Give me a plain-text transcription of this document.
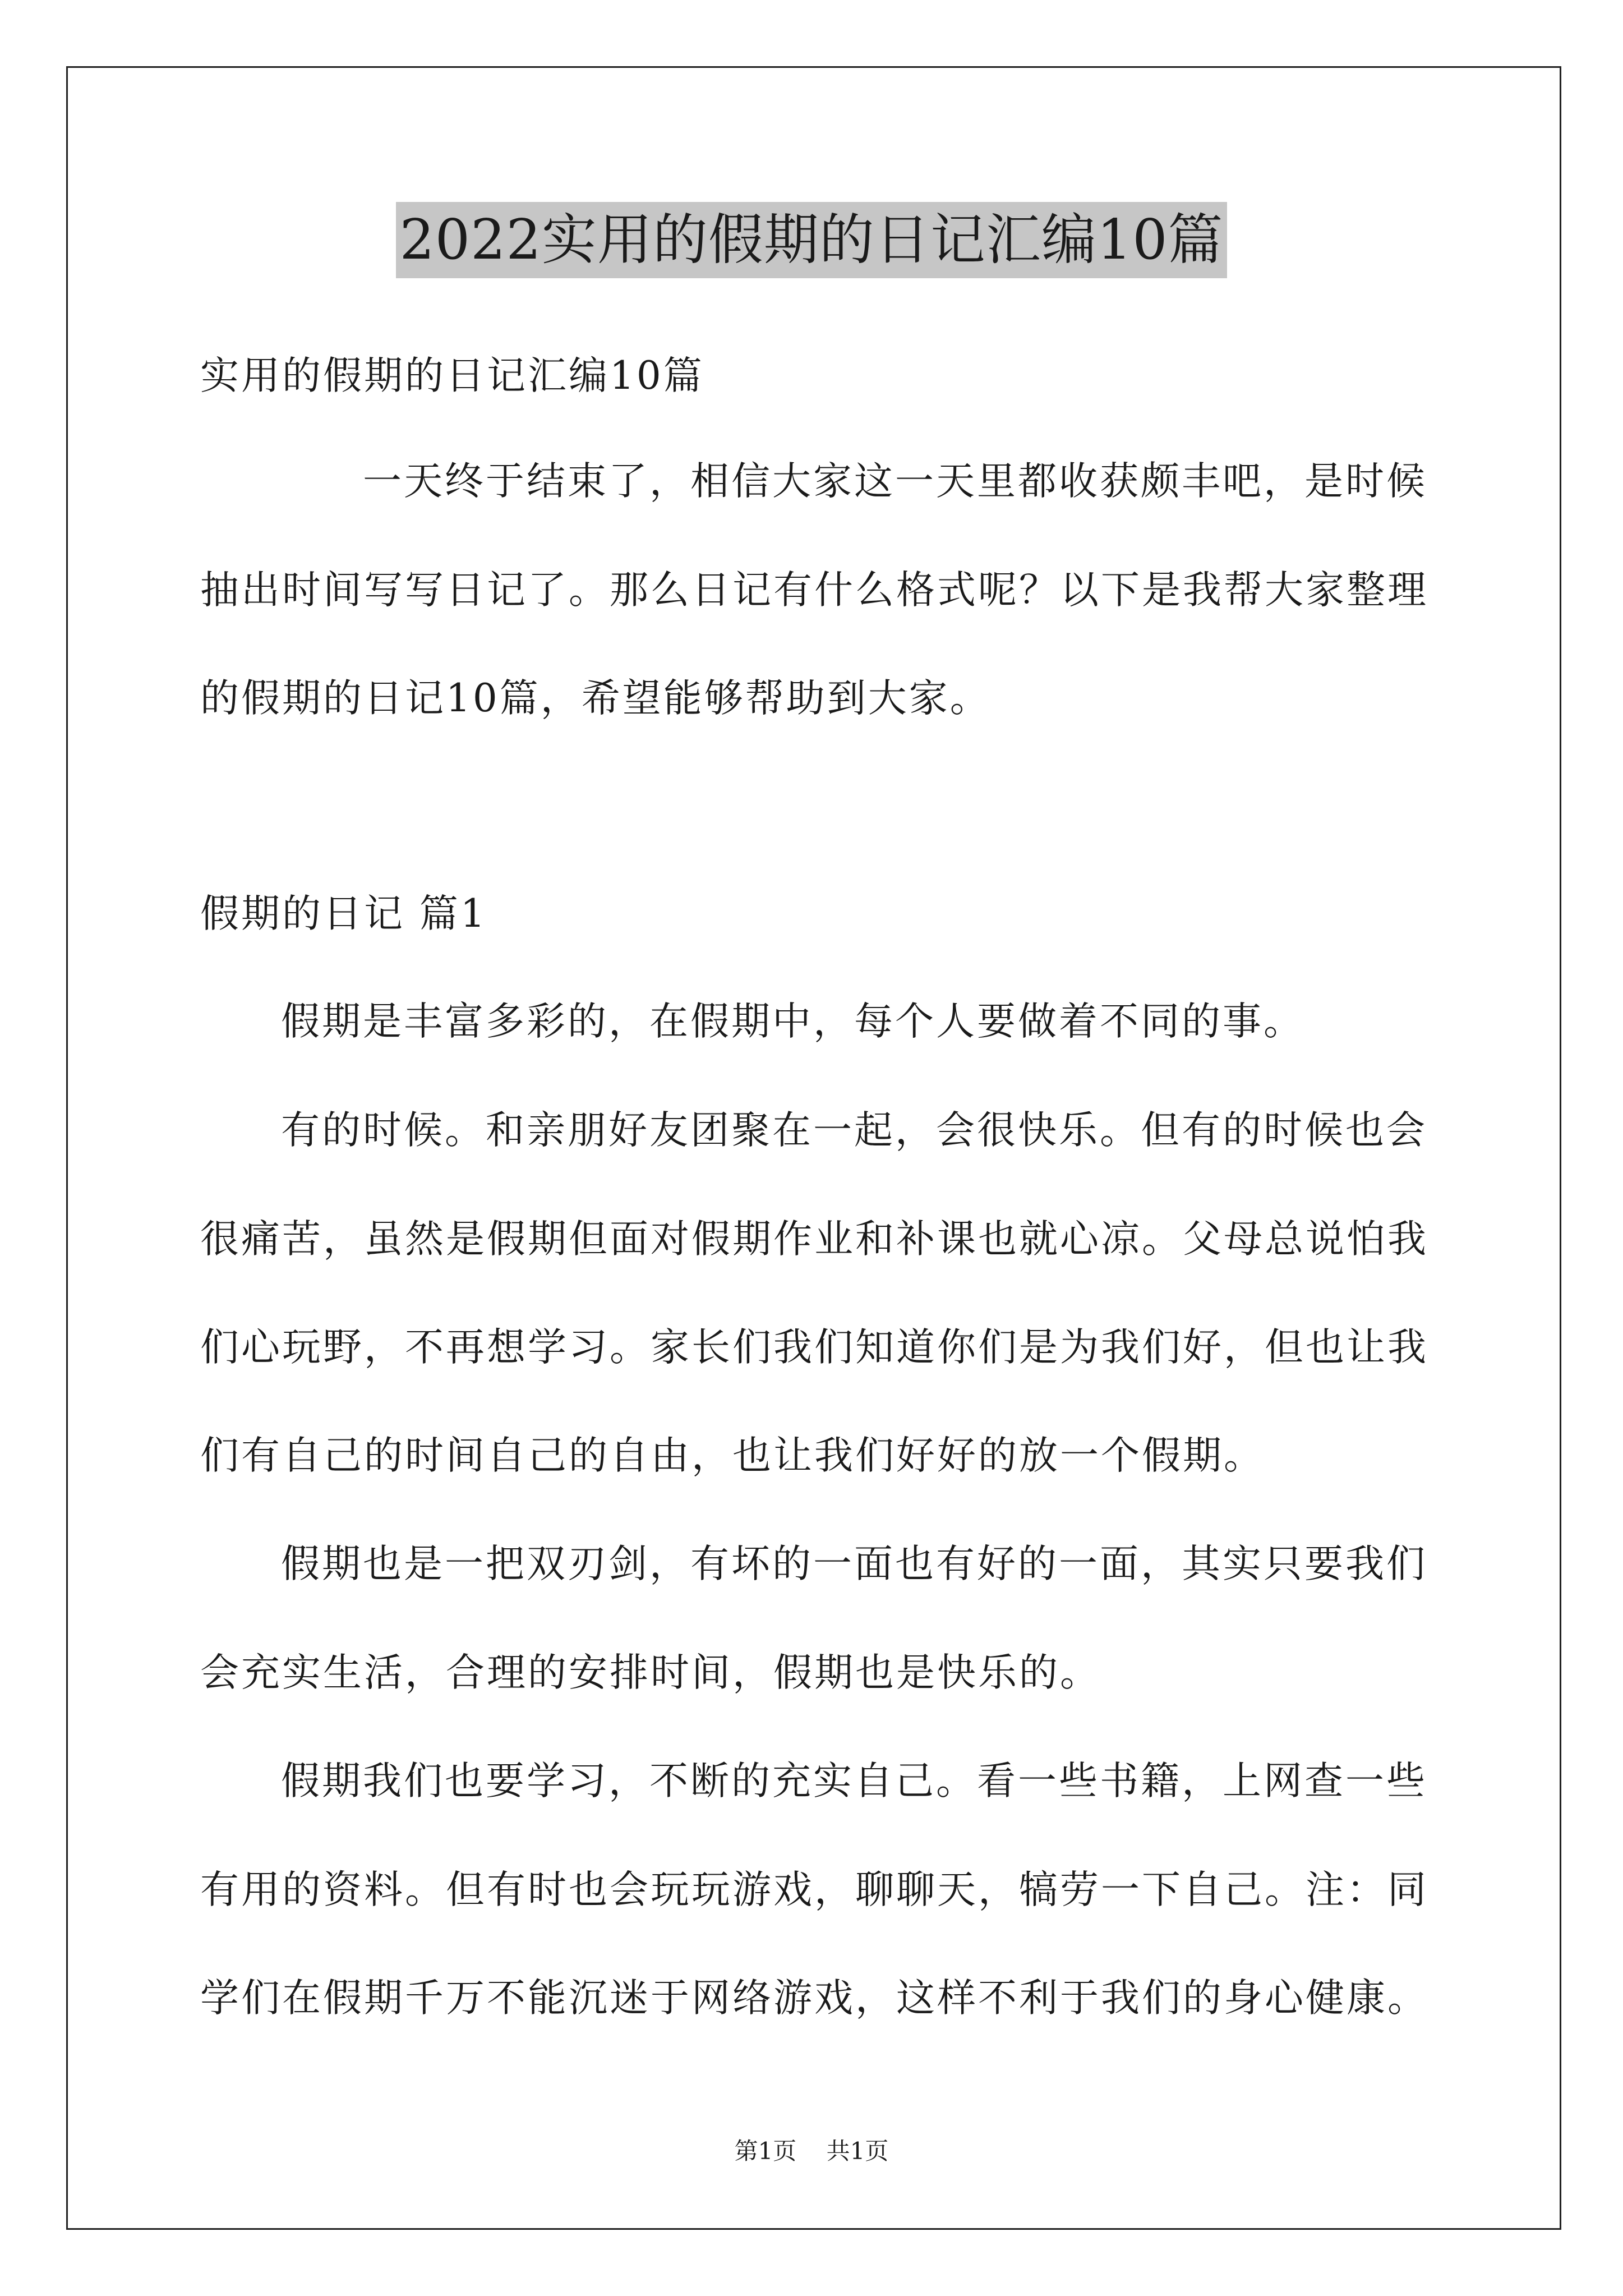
2022实用的假期的日记汇编10篇
实用的假期的日记汇编10篇
一天终于结束了，相信大家这一天里都收获颇丰吧，是时候
抽出时间写写日记了。那么日记有什么格式呢？以下是我帮大家整理
的假期的日记10篇，希望能够帮助到大家。
假期的日记 篇1
假期是丰富多彩的，在假期中，每个人要做着不同的事。
有的时候。和亲朋好友团聚在一起，会很快乐。但有的时候也会
很痛苦，虽然是假期但面对假期作业和补课也就心凉。父母总说怕我
们心玩野，不再想学习。家长们我们知道你们是为我们好，但也让我
们有自己的时间自己的自由，也让我们好好的放一个假期。
假期也是一把双刃剑，有坏的一面也有好的一面，其实只要我们
会充实生活，合理的安排时间，假期也是快乐的。
假期我们也要学习，不断的充实自己。看一些书籍，上网查一些
有用的资料。但有时也会玩玩游戏，聊聊天，犒劳一下自己。注：同
学们在假期千万不能沉迷于网络游戏，这样不利于我们的身心健康。
第1页 共1页
